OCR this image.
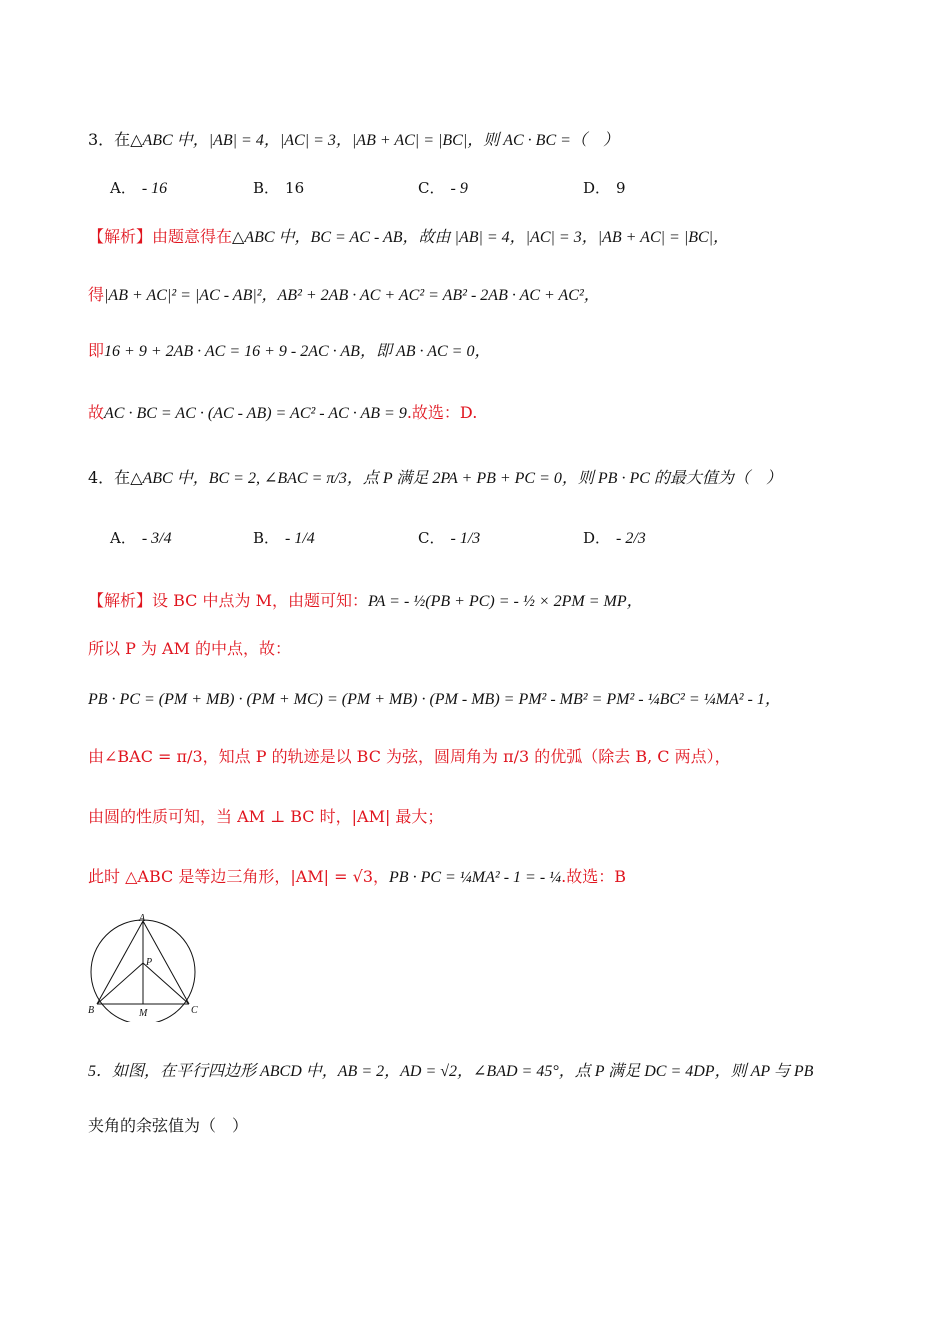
3．在△ABC 中，|AB| = 4，|AC| = 3，|AB + AC| = |BC|，则 AC · BC =（　）
A． - 16	B． 16	C． - 9	D． 9
【解析】由题意得在△ABC 中，BC = AC - AB，故由 |AB| = 4，|AC| = 3，|AB + AC| = |BC|，
得|AB + AC|² = |AC - AB|²，AB² + 2AB · AC + AC² = AB² - 2AB · AC + AC²，
即16 + 9 + 2AB · AC = 16 + 9 - 2AC · AB，即 AB · AC = 0，
故AC · BC = AC · (AC - AB) = AC² - AC · AB = 9.故选：D.
4．在△ABC 中，BC = 2, ∠BAC = π/3，点 P 满足 2PA + PB + PC = 0，则 PB · PC 的最大值为（　）
A． - 3/4	B． - 1/4	C． - 1/3	D． - 2/3
【解析】设 BC 中点为 M，由题可知：PA = - ½(PB + PC) = - ½ × 2PM = MP，
所以 P 为 AM 的中点，故：
PB · PC = (PM + MB) · (PM + MC) = (PM + MB) · (PM - MB) = PM² - MB² = PM² - ¼BC² = ¼MA² - 1，
由∠BAC = π/3，知点 P 的轨迹是以 BC 为弦，圆周角为 π/3 的优弧（除去 B, C 两点），
由圆的性质可知，当 AM ⊥ BC 时，|AM| 最大；
此时 △ABC 是等边三角形，|AM| = √3，PB · PC = ¼MA² - 1 = - ¼.故选：B
A
B	C
M
P
5．如图，在平行四边形 ABCD 中，AB = 2，AD = √2，∠BAD = 45°，点 P 满足 DC = 4DP，则 AP 与 PB
夹角的余弦值为（　）
